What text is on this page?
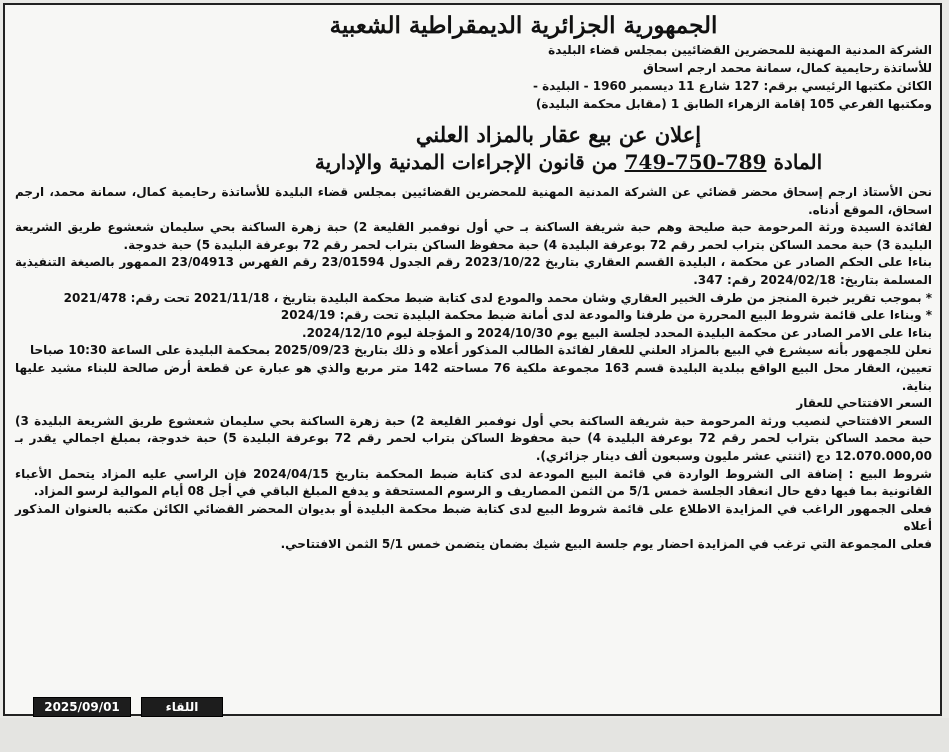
الجمهورية الجزائرية الديمقراطية الشعبية
الشركة المدنية المهنية للمحضرين القضائيين بمجلس قضاء البليدة
للأساتذة رحايمية كمال، سمانة محمد ارجم اسحاق
الكائن مكتبها الرئيسي برقم: 127 شارع 11 ديسمبر 1960 - البليدة -
ومكتبها الفرعي 105 إقامة الزهراء الطابق 1 (مقابل محكمة البليدة)
إعلان عن بيع عقار بالمزاد العلني
المادة 749-750-789 من قانون الإجراءات المدنية والإدارية
نحن الأستاذ ارجم إسحاق محضر قضائي عن الشركة المدنية المهنية للمحضرين القضائيين بمجلس قضاء البليدة للأساتذة رحايمية كمال، سمانة محمد، ارجم اسحاق، الموقع أدناه.
لفائدة السيدة ورثة المرحومة حبة صليحة وهم حبة شريفة الساكنة بـ حي أول نوفمبر القليعة 2) حبة زهرة الساكنة بحي سليمان شعشوع طريق الشريعة البليدة 3) حبة محمد الساكن بتراب لحمر رقم 72 بوعرفة البليدة 4) حبة محفوظ الساكن بتراب لحمر رقم 72 بوعرفة البليدة 5) حبة خدوجة.
بناءا على الحكم الصادر عن محكمة ، البليدة القسم العقاري بتاريخ 2023/10/22 رقم الجدول 23/01594 رقم الفهرس 23/04913 الممهور بالصيغة التنفيذية المسلمة بتاريخ: 2024/02/18 رقم: 347.
* بموجب تقرير خبرة المنجز من طرف الخبير العقاري وشان محمد والمودع لدى كتابة ضبط محكمة البليدة بتاريخ ، 2021/11/18 تحت رقم: 2021/478
* وبناءا على قائمة شروط البيع المحررة من طرفنا والمودعة لدى أمانة ضبط محكمة البليدة تحت رقم: 2024/19
بناءا على الامر الصادر عن محكمة البليدة المحدد لجلسة البيع يوم 2024/10/30 و المؤجلة ليوم 2024/12/10.
نعلن للجمهور بأنه سيشرع في البيع بالمزاد العلني للعقار لفائدة الطالب المذكور أعلاه و ذلك بتاريخ 2025/09/23 بمحكمة البليدة على الساعة 10:30 صباحا
تعيين، العقار محل البيع الواقع ببلدية البليدة قسم 163 مجموعة ملكية 76 مساحته 142 متر مربع والذي هو عبارة عن قطعة أرض صالحة للبناء مشيد عليها بناية.
السعر الافتتاحي للعقار
السعر الافتتاحي لنصيب ورثة المرحومة حبة شريفة الساكنة بحي أول نوفمبر القليعة 2) حبة زهرة الساكنة بحي سليمان شعشوع طريق الشريعة البليدة 3) حبة محمد الساكن بتراب لحمر رقم 72 بوعرفة البليدة 4) حبة محفوظ الساكن بتراب لحمر رقم 72 بوعرفة البليدة 5) حبة خدوجة، بمبلغ اجمالي يقدر بـ 12.070.000,00 دج (اثنتي عشر مليون وسبعون ألف دينار جزائري).
شروط البيع : إضافة الى الشروط الواردة في قائمة البيع المودعة لدى كتابة ضبط المحكمة بتاريخ 2024/04/15 فإن الراسي عليه المزاد يتحمل الأعباء القانونية بما فيها دفع حال انعقاد الجلسة خمس 5/1 من الثمن المصاريف و الرسوم المستحقة و يدفع المبلغ الباقي في أجل 08 أيام الموالية لرسو المزاد.
فعلى الجمهور الراغب في المزايدة الاطلاع على قائمة شروط البيع لدى كتابة ضبط محكمة البليدة أو بديوان المحضر القضائي الكائن مكتبه بالعنوان المذكور أعلاه
فعلى المجموعة التي ترغب في المزايدة احضار يوم جلسة البيع شيك بضمان يتضمن خمس 5/1 الثمن الافتتاحي.
2025/09/01	اللقاء
